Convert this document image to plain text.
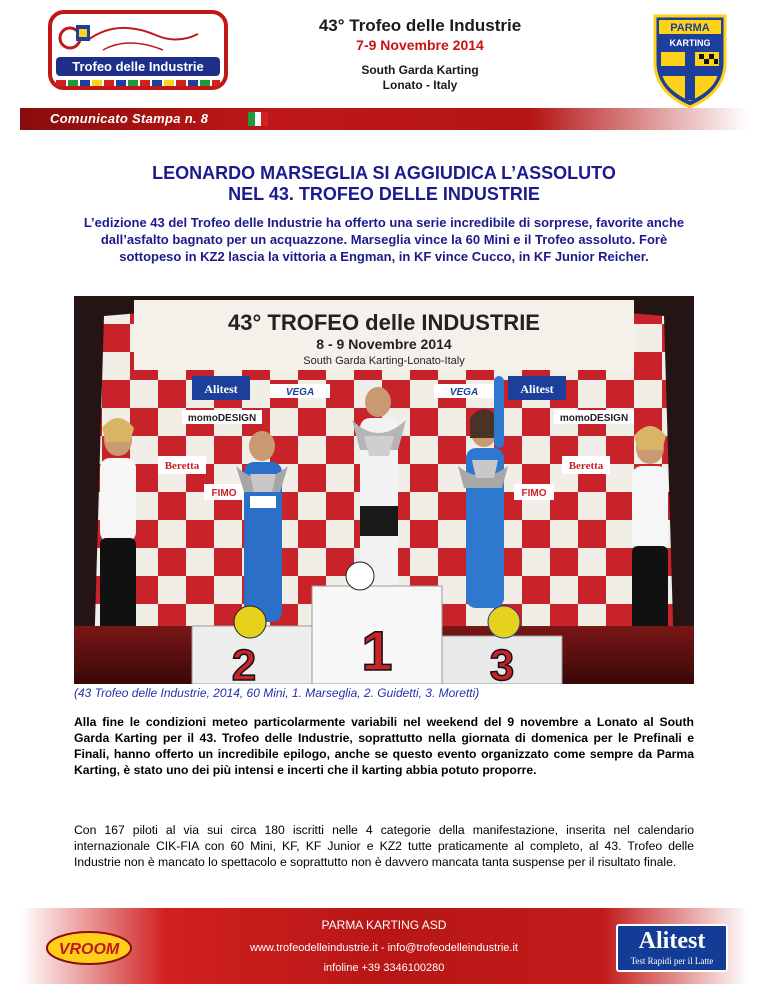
Trofeo delle Industrie
43° Trofeo delle Industrie
7-9 Novembre 2014
South Garda Karting
Lonato - Italy
PARMA
KARTING
Comunicato Stampa n. 8
LEONARDO MARSEGLIA SI AGGIUDICA L’ASSOLUTO
NEL 43. TROFEO DELLE INDUSTRIE
L’edizione 43 del Trofeo delle Industrie ha offerto una serie incredibile di sorprese, favorite anche dall’asfalto bagnato per un acquazzone. Marseglia vince la 60 Mini e il Trofeo assoluto. Forè sottopeso in KZ2 lascia la vittoria a Engman, in KF vince Cucco, in KF Junior Reicher.
43° TROFEO delle INDUSTRIE
8 - 9 Novembre 2014
South Garda Karting-Lonato-Italy
Alitest	Alitest
VEGA	VEGA
momoDESIGN	momoDESIGN
Beretta	Beretta
FIMO	FIMO
2 1 3
(43 Trofeo delle Industrie, 2014, 60 Mini, 1. Marseglia, 2. Guidetti, 3. Moretti)
Alla fine le condizioni meteo particolarmente variabili nel weekend del 9 novembre a Lonato al South Garda Karting per il 43. Trofeo delle Industrie, soprattutto nella giornata di domenica per le Prefinali e Finali, hanno offerto un incredibile epilogo, anche se questo evento organizzato come sempre da Parma Karting, è stato uno dei più intensi e incerti che il karting abbia potuto proporre.
Con 167 piloti al via sui circa 180 iscritti nelle 4 categorie della manifestazione, inserita nel calendario internazionale CIK-FIA con 60 Mini, KF, KF Junior e KZ2 tutte praticamente al completo, al 43. Trofeo delle Industrie non è mancato lo spettacolo e soprattutto non è davvero mancata tanta suspense per il risultato finale.
PARMA KARTING ASD
www.trofeodelleindustrie.it - info@trofeodelleindustrie.it
infoline +39 3346100280
VROOM	Alitest
Test Rapidi per il Latte
